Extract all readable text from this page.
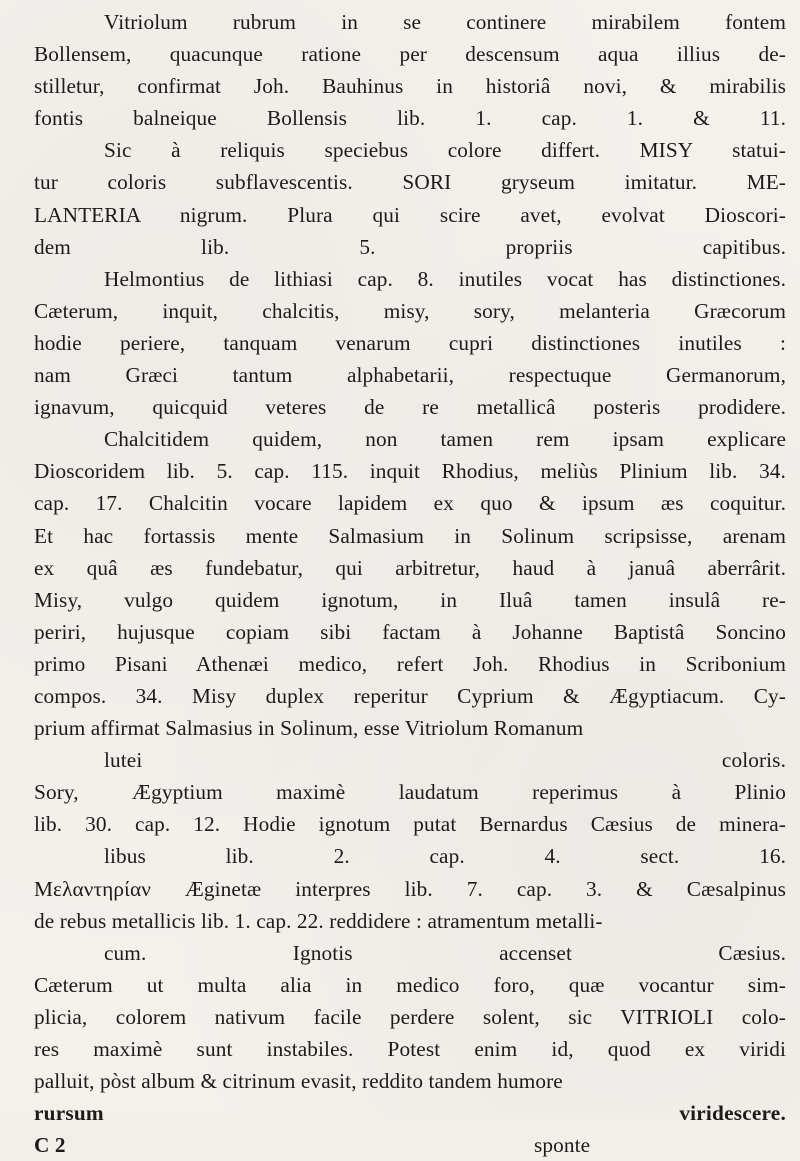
Vitriolum rubrum in se continere mirabilem fontem
Bollensem, quacunque ratione per descensum aqua illius de-
stilletur, confirmat Joh. Bauhinus in historiâ novi, & mirabilis
fontis balneique Bollensis lib. 1. cap. 1. & 11.
Sic à reliquis speciebus colore differt. MISY statui-
tur coloris subflavescentis. SORI gryseum imitatur. ME-
LANTERIA nigrum. Plura qui scire avet, evolvat Dioscori-
dem lib. 5. propriis capitibus.
Helmontius de lithiasi cap. 8. inutiles vocat has distinctiones.
Cæterum, inquit, chalcitis, misy, sory, melanteria Græcorum
hodie periere, tanquam venarum cupri distinctiones inutiles :
nam Græci tantum alphabetarii, respectuque Germanorum,
ignavum, quicquid veteres de re metallicâ posteris prodidere.
Chalcitidem quidem, non tamen rem ipsam explicare
Dioscoridem lib. 5. cap. 115. inquit Rhodius, meliùs Plinium lib. 34.
cap. 17. Chalcitin vocare lapidem ex quo & ipsum æs coquitur.
Et hac fortassis mente Salmasium in Solinum scripsisse, arenam
ex quâ æs fundebatur, qui arbitretur, haud à januâ aberrârit.
Misy, vulgo quidem ignotum, in Iluâ tamen insulâ re-
periri, hujusque copiam sibi factam à Johanne Baptistâ Soncino
primo Pisani Athenæi medico, refert Joh. Rhodius in Scribonium
compos. 34. Misy duplex reperitur Cyprium & Ægyptiacum. Cy-
prium affirmat Salmasius in Solinum, esse Vitriolum Romanum
lutei coloris.
Sory, Ægyptium maximè laudatum reperimus à Plinio
lib. 30. cap. 12. Hodie ignotum putat Bernardus Cæsius de minera-
libus lib. 2. cap. 4. sect. 16.
Μελαντηρίαν Æginetæ interpres lib. 7. cap. 3. & Cæsalpinus
de rebus metallicis lib. 1. cap. 22. reddidere : atramentum metalli-
cum. Ignotis accenset Cæsius.
Cæterum ut multa alia in medico foro, quæ vocantur sim-
plicia, colorem nativum facile perdere solent, sic VITRIOLI colo-
res maximè sunt instabiles. Potest enim id, quod ex viridi
palluit, pòst album & citrinum evasit, reddito tandem humore
rursum viridescere.
C 2	sponte
